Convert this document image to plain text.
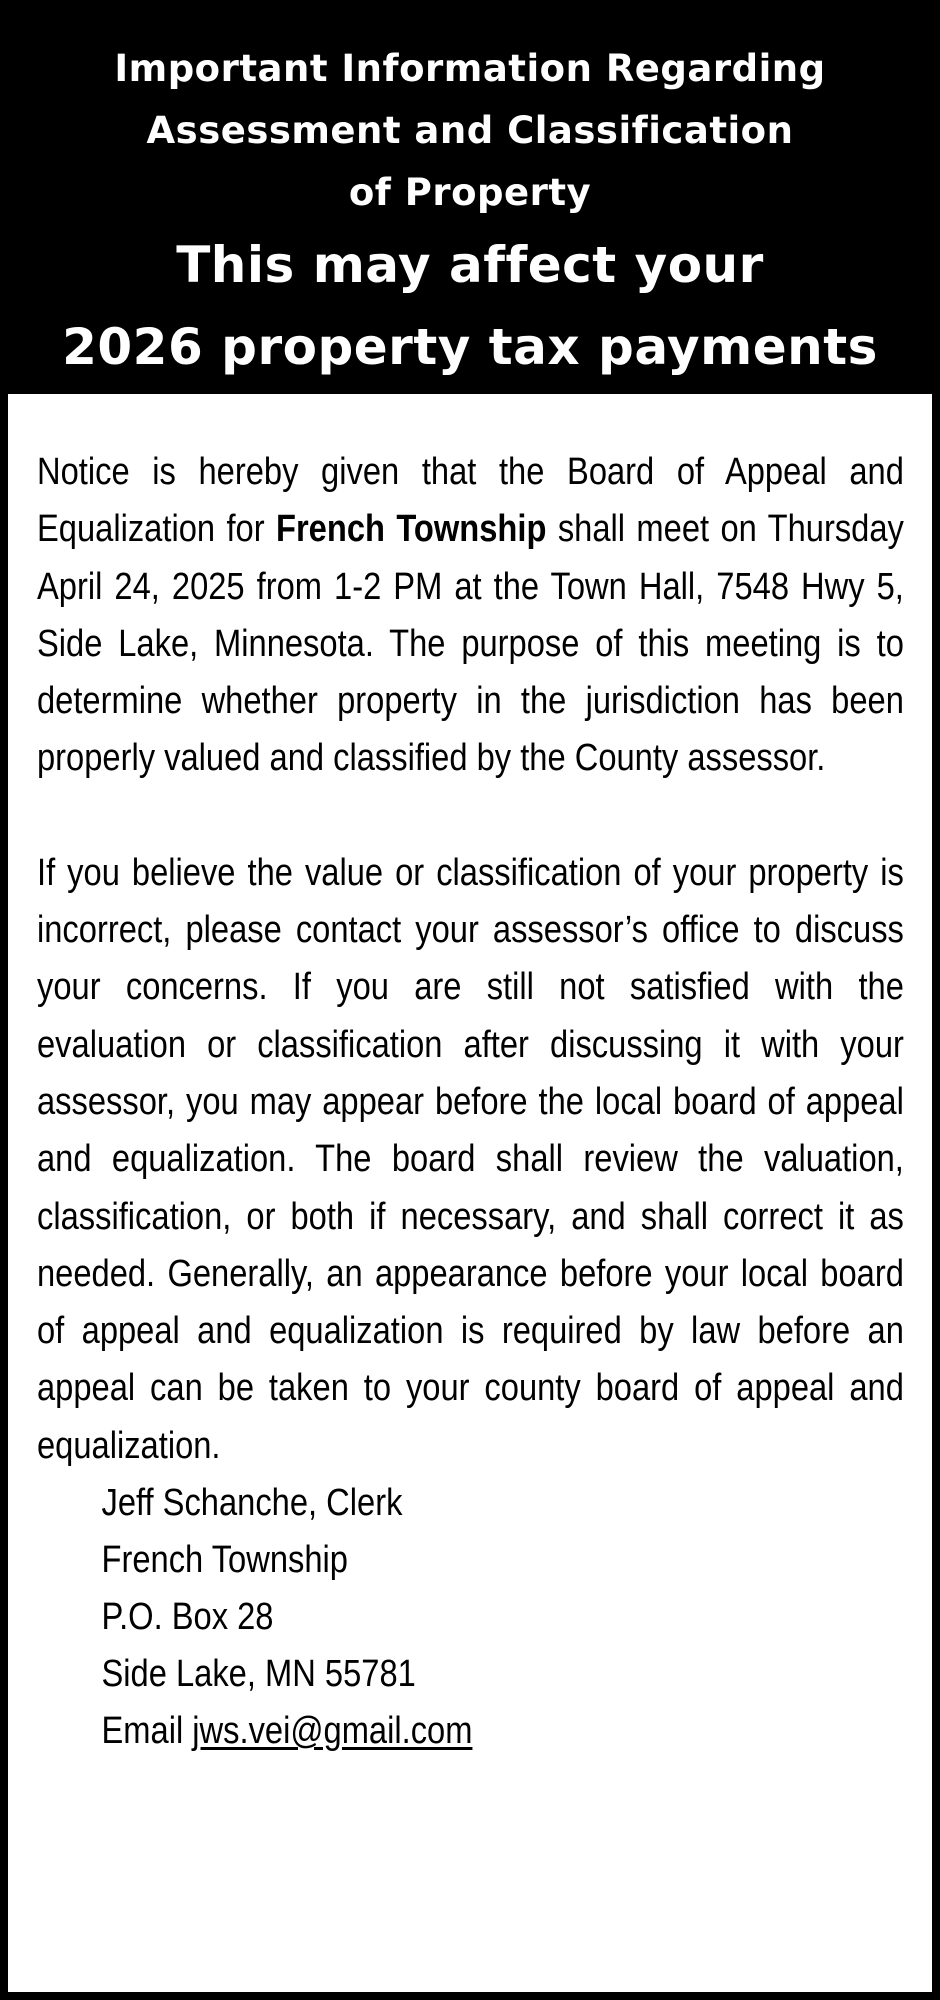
Important Information Regarding
Assessment and Classification
of Property
This may affect your
2026 property tax payments

Notice is hereby given that the Board of Appeal and Equalization for French Township shall meet on Thursday April 24, 2025 from 1-2 PM at the Town Hall, 7548 Hwy 5, Side Lake, Minnesota. The purpose of this meeting is to determine whether property in the jurisdiction has been properly valued and classified by the County assessor.

If you believe the value or classification of your property is incorrect, please contact your assessor’s office to discuss your concerns. If you are still not satisfied with the evaluation or classification after discussing it with your assessor, you may appear before the local board of appeal and equalization. The board shall review the valuation, classification, or both if necessary, and shall correct it as needed. Generally, an appearance before your local board of appeal and equalization is required by law before an appeal can be taken to your county board of appeal and equalization.

Jeff Schanche, Clerk
French Township
P.O. Box 28
Side Lake, MN 55781
Email jws.vei@gmail.com
